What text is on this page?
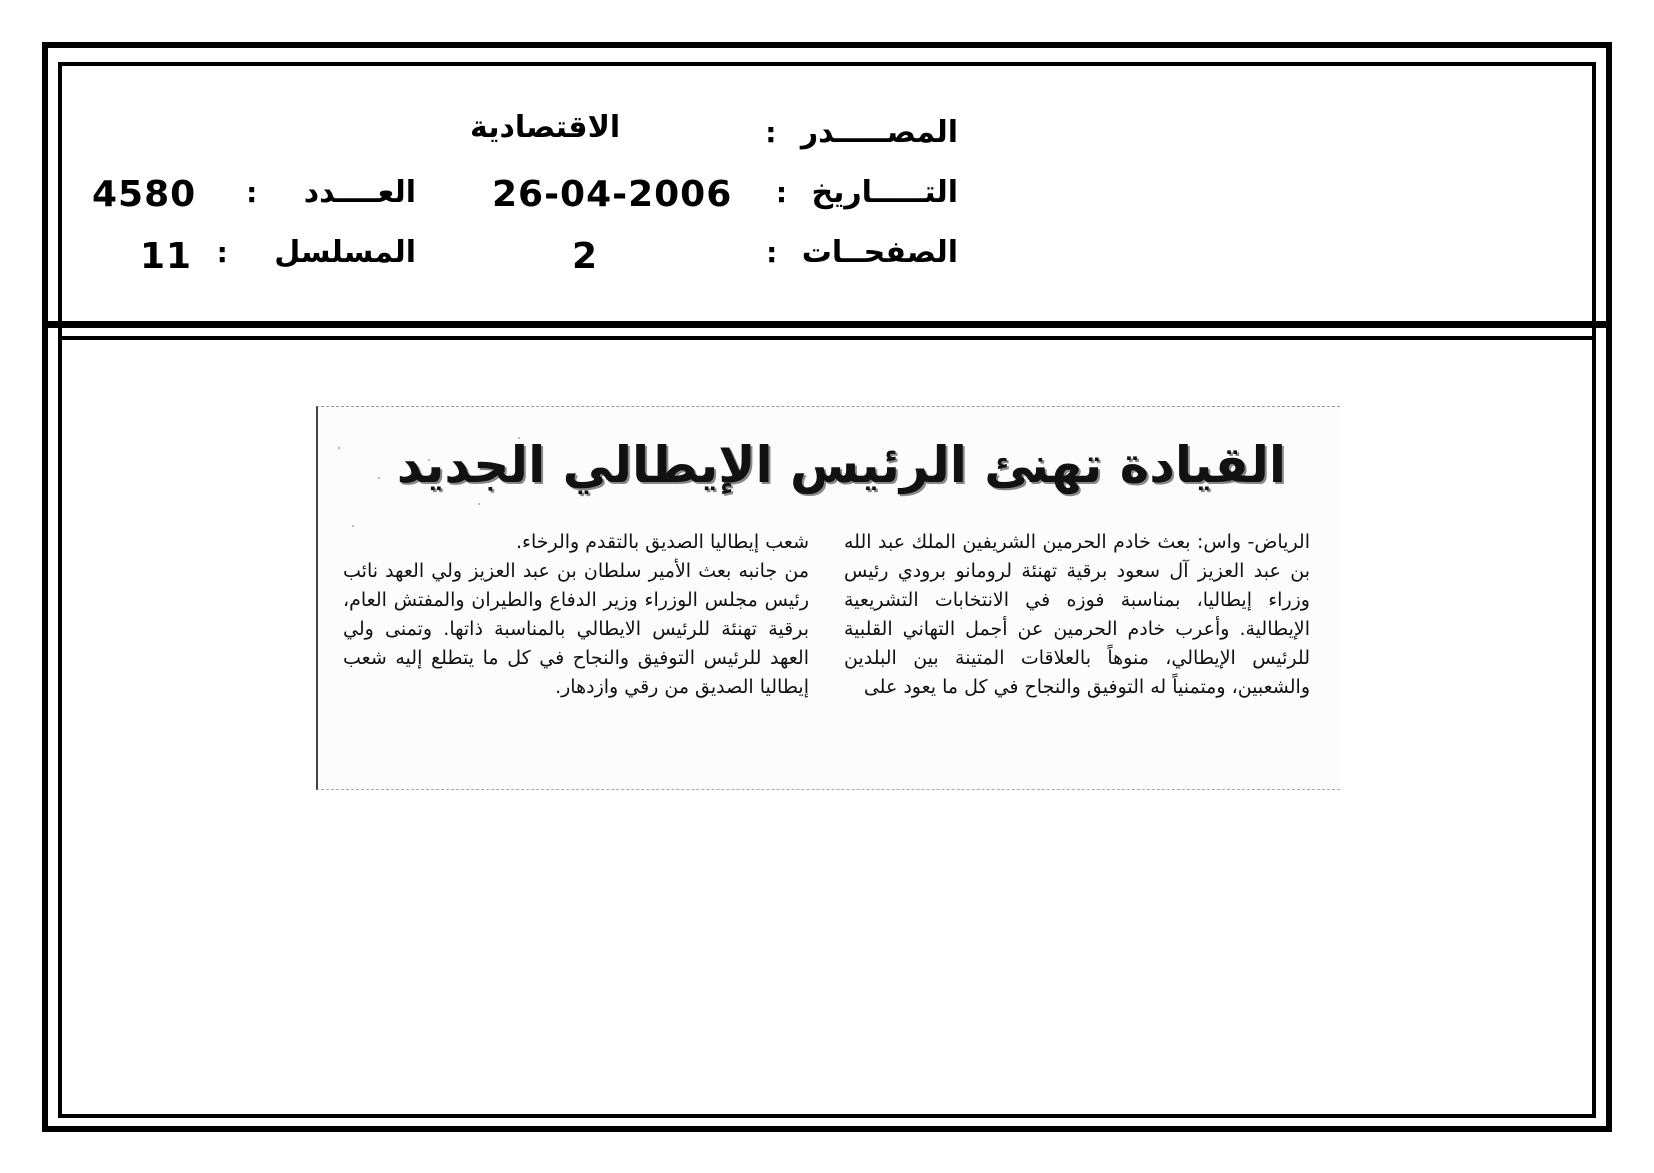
المصـــــدر :
الاقتصادية
التـــــاريخ :
26-04-2006
العــــدد :
4580
الصفحــات :
2
المسلسل :
11
القيادة تهنئ الرئيس الإيطالي الجديد

الرياض- واس: بعث خادم الحرمين الشريفين الملك عبد الله بن عبد العزيز آل سعود برقية تهنئة لرومانو برودي رئيس وزراء إيطاليا، بمناسبة فوزه في الانتخابات التشريعية الإيطالية. وأعرب خادم الحرمين عن أجمل التهاني القلبية للرئيس الإيطالي، منوهاً بالعلاقات المتينة بين البلدين والشعبين، ومتمنياً له التوفيق والنجاح في كل ما يعود على

شعب إيطاليا الصديق بالتقدم والرخاء.

من جانبه بعث الأمير سلطان بن عبد العزيز ولي العهد نائب رئيس مجلس الوزراء وزير الدفاع والطيران والمفتش العام، برقية تهنئة للرئيس الايطالي بالمناسبة ذاتها. وتمنى ولي العهد للرئيس التوفيق والنجاح في كل ما يتطلع إليه شعب إيطاليا الصديق من رقي وازدهار.
